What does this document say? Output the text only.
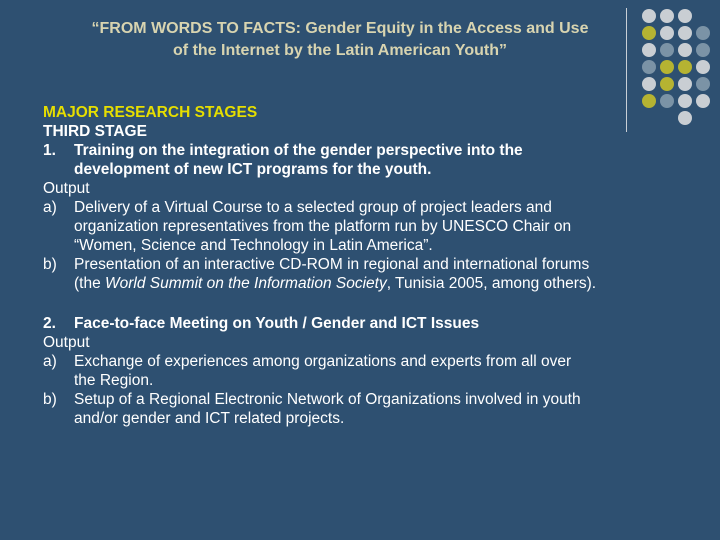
“FROM WORDS TO FACTS: Gender Equity in the Access and Use
of the Internet by the Latin American Youth”
MAJOR RESEARCH STAGES
THIRD STAGE
1. Training on the integration of the gender perspective into the
development of new ICT programs for the youth.
Output
a) Delivery of a Virtual Course to a selected group of project leaders and
organization representatives from the platform run by UNESCO Chair on
“Women, Science and Technology in Latin America”.
b) Presentation of an interactive CD-ROM in regional and international forums
(the World Summit on the Information Society, Tunisia 2005, among others).
2. Face-to-face Meeting on Youth / Gender and ICT Issues
Output
a) Exchange of experiences among organizations and experts from all over
the Region.
b) Setup of a Regional Electronic Network of Organizations involved in youth
and/or gender and ICT related projects.
